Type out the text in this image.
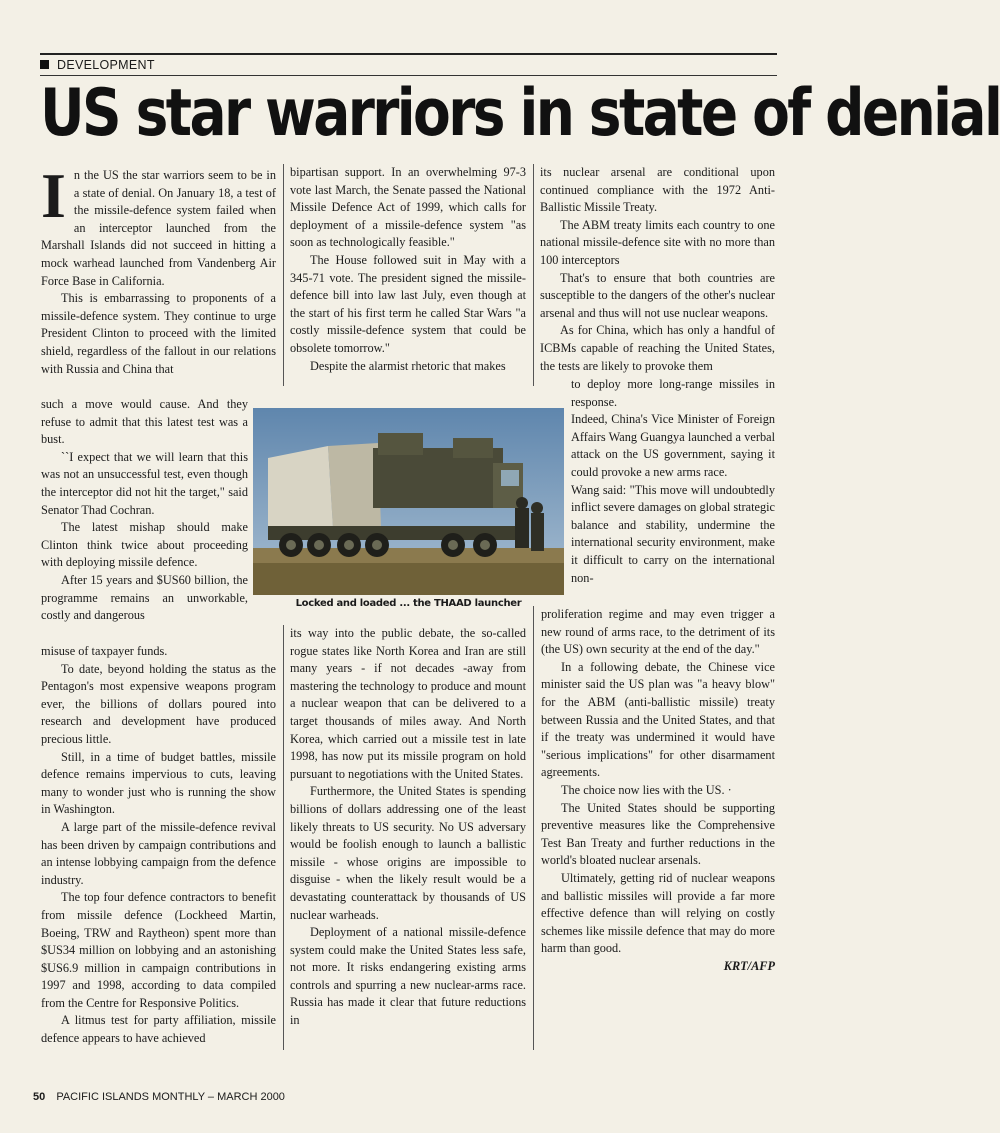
DEVELOPMENT
US star warriors in state of denial

In the US the star warriors seem to be in a state of denial. On January 18, a test of the missile-defence system failed when an interceptor launched from the Marshall Islands did not succeed in hitting a mock warhead launched from Vandenberg Air Force Base in California.

This is embarrassing to proponents of a missile-defence system. They continue to urge President Clinton to proceed with the limited shield, regardless of the fallout in our relations with Russia and China that

such a move would cause. And they refuse to admit that this latest test was a bust.

``I expect that we will learn that this was not an unsuccessful test, even though the interceptor did not hit the target," said Senator Thad Cochran.

The latest mishap should make Clinton think twice about proceeding with deploying missile defence.

After 15 years and $US60 billion, the programme remains an unworkable, costly and dangerous

misuse of taxpayer funds.

To date, beyond holding the status as the Pentagon's most expensive weapons program ever, the billions of dollars poured into research and development have produced precious little.

Still, in a time of budget battles, missile defence remains impervious to cuts, leaving many to wonder just who is running the show in Washington.

A large part of the missile-defence revival has been driven by campaign contributions and an intense lobbying campaign from the defence industry.

The top four defence contractors to benefit from missile defence (Lockheed Martin, Boeing, TRW and Raytheon) spent more than $US34 million on lobbying and an astonishing $US6.9 million in campaign contributions in 1997 and 1998, according to data compiled from the Centre for Responsive Politics.

A litmus test for party affiliation, missile defence appears to have achieved

bipartisan support. In an overwhelming 97-3 vote last March, the Senate passed the National Missile Defence Act of 1999, which calls for deployment of a missile-defence system "as soon as technologically feasible."

The House followed suit in May with a 345-71 vote. The president signed the missile-defence bill into law last July, even though at the start of his first term he called Star Wars "a costly missile-defence system that could be obsolete tomorrow."

Despite the alarmist rhetoric that makes

its way into the public debate, the so-called rogue states like North Korea and Iran are still many years - if not decades -away from mastering the technology to produce and mount a nuclear weapon that can be delivered to a target thousands of miles away. And North Korea, which carried out a missile test in late 1998, has now put its missile program on hold pursuant to negotiations with the United States.

Furthermore, the United States is spending billions of dollars addressing one of the least likely threats to US security. No US adversary would be foolish enough to launch a ballistic missile - whose origins are impossible to disguise - when the likely result would be a devastating counterattack by thousands of US nuclear warheads.

Deployment of a national missile-defence system could make the United States less safe, not more. It risks endangering existing arms controls and spurring a new nuclear-arms race. Russia has made it clear that future reductions in

its nuclear arsenal are conditional upon continued compliance with the 1972 Anti-Ballistic Missile Treaty.

The ABM treaty limits each country to one national missile-defence site with no more than 100 interceptors

That's to ensure that both countries are susceptible to the dangers of the other's nuclear arsenal and thus will not use nuclear weapons.

As for China, which has only a handful of ICBMs capable of reaching the United States, the tests are likely to provoke them

to deploy more long-range missiles in response.

Indeed, China's Vice Minister of Foreign Affairs Wang Guangya launched a verbal attack on the US government, saying it could provoke a new arms race.

Wang said: "This move will undoubtedly inflict severe damages on global strategic balance and stability, undermine the international security environment, make it difficult to carry on the international non-

proliferation regime and may even trigger a new round of arms race, to the detriment of its (the US) own security at the end of the day."

In a following debate, the Chinese vice minister said the US plan was "a heavy blow" for the ABM (anti-ballistic missile) treaty between Russia and the United States, and that if the treaty was undermined it would have "serious implications" for other disarmament agreements.

The choice now lies with the US. ·

The United States should be supporting preventive measures like the Comprehensive Test Ban Treaty and further reductions in the world's bloated nuclear arsenals.

Ultimately, getting rid of nuclear weapons and ballistic missiles will provide a far more effective defence than will relying on costly schemes like missile defence that may do more harm than good.

KRT/AFP

Locked and loaded ... the THAAD launcher
50 PACIFIC ISLANDS MONTHLY – MARCH 2000
